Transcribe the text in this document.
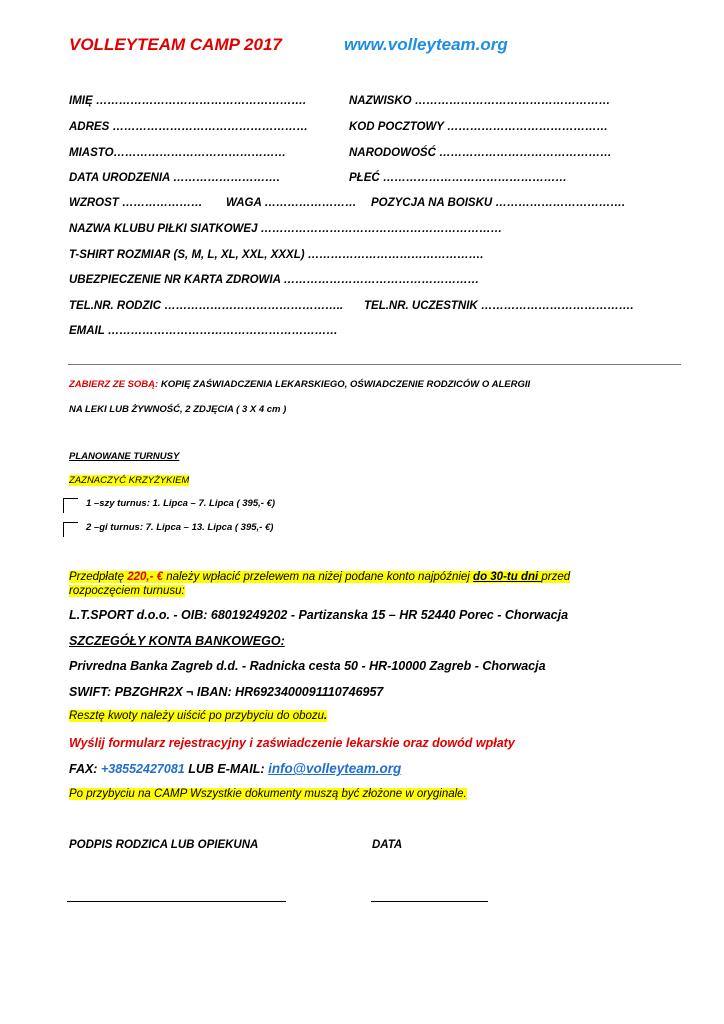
VOLLEYTEAM CAMP 2017	www.volleyteam.org
IMIĘ ……………………………………………….	NAZWISKO ……………………………………………
ADRES ……………………………………………	KOD POCZTOWY ……………………………………
MIASTO………………………………………	NARODOWOŚĆ ………………………………………
DATA URODZENIA ……………………….	PŁEĆ …………………………………………
WZROST ………………… WAGA …………………… POZYCJA NA BOISKU …………………………….
NAZWA KLUBU PIŁKI SIATKOWEJ ………………………………………………………
T-SHIRT ROZMIAR (S, M, L, XL, XXL, XXXL) ……………………………………….
UBEZPIECZENIE NR KARTA ZDROWIA ……………………………………………
TEL.NR. RODZIC ……………………………………….. TEL.NR. UCZESTNIK ………………………………….
EMAIL ……………………………………………………
ZABIERZ ZE SOBĄ: KOPIĘ ZAŚWIADCZENIA LEKARSKIEGO, OŚWIADCZENIE RODZICÓW O ALERGII
NA LEKI LUB ŻYWNOŚĆ, 2 ZDJĘCIA ( 3 X 4 cm )
PLANOWANE TURNUSY
ZAZNACZYĆ KRZYŻYKIEM
1 –szy turnus: 1. Lipca – 7. Lipca ( 395,- €)
2 –gi turnus: 7. Lipca – 13. Lipca ( 395,- €)
Przedpłatę 220,- € należy wpłacić przelewem na niżej podane konto najpóźniej do 30-tu dni przed
rozpoczęciem turnusu:
L.T.SPORT d.o.o. - OIB: 68019249202 - Partizanska 15 – HR 52440 Porec - Chorwacja
SZCZEGÓŁY KONTA BANKOWEGO:
Privredna Banka Zagreb d.d. - Radnicka cesta 50 - HR-10000 Zagreb - Chorwacja
SWIFT: PBZGHR2X ¬ IBAN: HR6923400091110746957
Resztę kwoty należy uiścić po przybyciu do obozu.
Wyślij formularz rejestracyjny i zaświadczenie lekarskie oraz dowód wpłaty
FAX: +38552427081 LUB E-MAIL: info@volleyteam.org
Po przybyciu na CAMP Wszystkie dokumenty muszą być złożone w oryginale.
PODPIS RODZICA LUB OPIEKUNA	DATA
